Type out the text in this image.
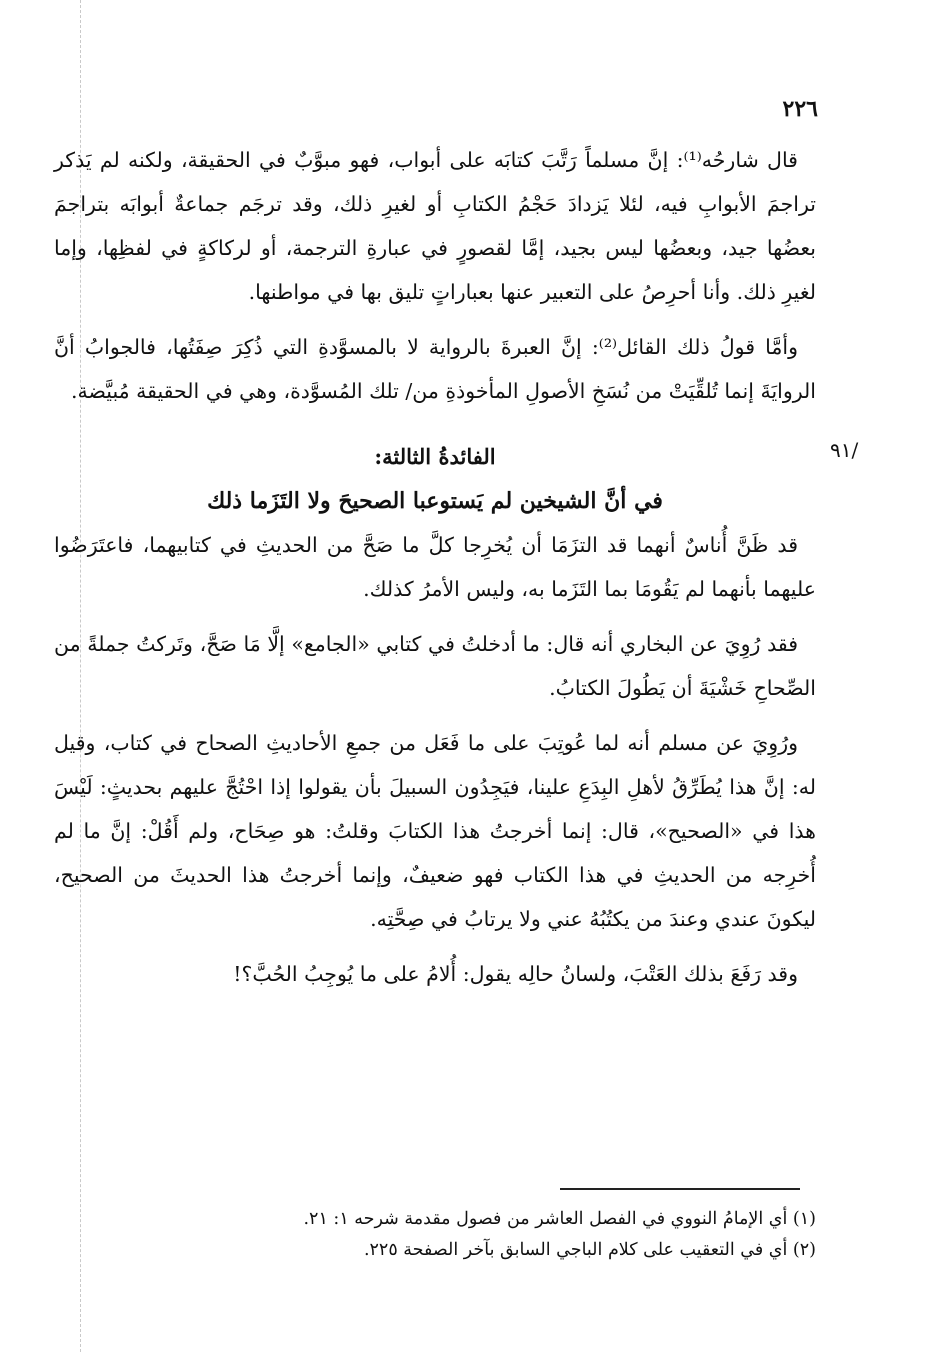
٢٢٦
٩١/

قال شارحُه⁽¹⁾: إنَّ مسلماً رَتَّبَ كتابَه على أبواب، فهو مبوَّبٌ في الحقيقة، ولكنه لم يَذكر تراجمَ الأبوابِ فيه، لئلا يَزدادَ حَجْمُ الكتابِ أو لغيرِ ذلك، وقد ترجَم جماعةٌ أبوابَه بتراجمَ بعضُها جيد، وبعضُها ليس بجيد، إمَّا لقصورٍ في عبارةِ الترجمة، أو لركاكةٍ في لفظِها، وإما لغيرِ ذلك. وأنا أحرِصُ على التعبير عنها بعباراتٍ تليق بها في مواطنها.

وأمَّا قولُ ذلك القائل⁽²⁾: إنَّ العبرةَ بالرواية لا بالمسوَّدةِ التي ذُكِرَ صِفَتُها، فالجوابُ أنَّ الروايَةَ إنما تُلقِّيَتْ من نُسَخِ الأصولِ المأخوذةِ من/ تلك المُسوَّدة، وهي في الحقيقة مُبيَّضة.

الفائدةُ الثالثة:
في أنَّ الشيخين لم يَستوعبا الصحيحَ ولا التَزَما ذلك

قد ظَنَّ أُناسٌ أنهما قد التزَمَا أن يُخرِجا كلَّ ما صَحَّ من الحديثِ في كتابيهما، فاعتَرَضُوا عليهما بأنهما لم يَقُومَا بما التَزَما به، وليس الأمرُ كذلك.

فقد رُوِيَ عن البخاري أنه قال: ما أدخلتُ في كتابي «الجامع» إلَّا مَا صَحَّ، وتَركتُ جملةً من الصِّحاحِ خَشْيَةَ أن يَطُولَ الكتابُ.

ورُوِيَ عن مسلم أنه لما عُوتِبَ على ما فَعَل من جمعِ الأحاديثِ الصحاح في كتاب، وقيل له: إنَّ هذا يُطَرِّقُ لأهلِ البِدَعِ علينا، فيَجِدُون السبيلَ بأن يقولوا إذا احْتُجَّ عليهم بحديثٍ: لَيْسَ هذا في «الصحيح»، قال: إنما أخرجتُ هذا الكتابَ وقلتُ: هو صِحَاح، ولم أَقُلْ: إنَّ ما لم أُخرِجه من الحديثِ في هذا الكتاب فهو ضعيفٌ، وإنما أخرجتُ هذا الحديثَ من الصحيح، ليكونَ عندي وعندَ من يكتُبُهُ عني ولا يرتابُ في صِحَّتِه.

وقد رَفَعَ بذلك العَتْبَ، ولسانُ حالِه يقول: أُلامُ على ما يُوجِبُ الحُبَّ؟!

(١) أي الإمامُ النووي في الفصل العاشر من فصول مقدمة شرحه ١: ٢١.
(٢) أي في التعقيب على كلام الباجي السابق بآخر الصفحة ٢٢٥.
